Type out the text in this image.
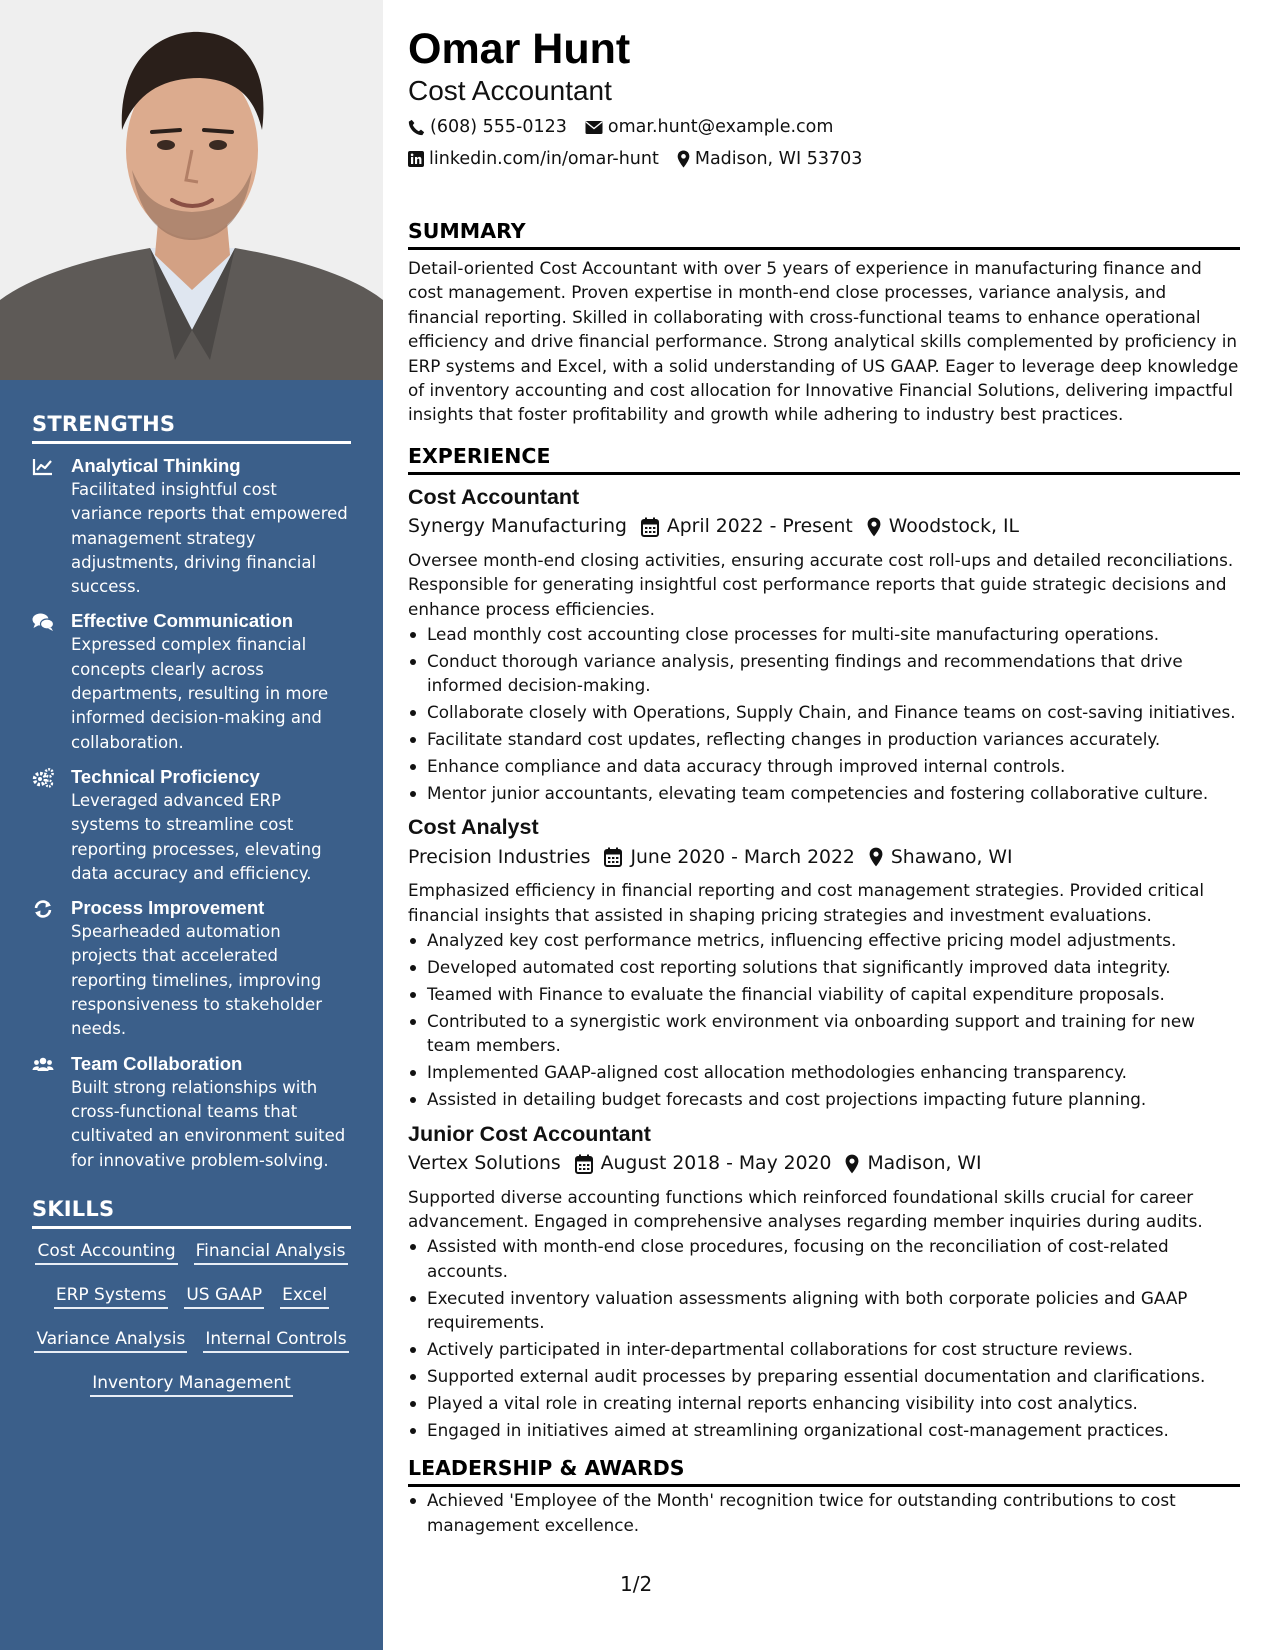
STRENGTHS
Analytical Thinking
Facilitated insightful cost variance reports that empowered management strategy adjustments, driving financial success.
Effective Communication
Expressed complex financial concepts clearly across departments, resulting in more informed decision-making and collaboration.
Technical Proficiency
Leveraged advanced ERP systems to streamline cost reporting processes, elevating data accuracy and efficiency.
Process Improvement
Spearheaded automation projects that accelerated reporting timelines, improving responsiveness to stakeholder needs.
Team Collaboration
Built strong relationships with cross-functional teams that cultivated an environment suited for innovative problem-solving.
SKILLS
Cost Accounting Financial Analysis
ERP Systems US GAAP Excel
Variance Analysis Internal Controls
Inventory Management
Omar Hunt
Cost Accountant
(608) 555-0123 omar.hunt@example.com
linkedin.com/in/omar-hunt Madison, WI 53703
SUMMARY
Detail-oriented Cost Accountant with over 5 years of experience in manufacturing finance and cost management. Proven expertise in month-end close processes, variance analysis, and financial reporting. Skilled in collaborating with cross-functional teams to enhance operational efficiency and drive financial performance. Strong analytical skills complemented by proficiency in ERP systems and Excel, with a solid understanding of US GAAP. Eager to leverage deep knowledge of inventory accounting and cost allocation for Innovative Financial Solutions, delivering impactful insights that foster profitability and growth while adhering to industry best practices.
EXPERIENCE
Cost Accountant
Synergy Manufacturing April 2022 - Present Woodstock, IL
Oversee month-end closing activities, ensuring accurate cost roll-ups and detailed reconciliations. Responsible for generating insightful cost performance reports that guide strategic decisions and enhance process efficiencies.
Lead monthly cost accounting close processes for multi-site manufacturing operations.
Conduct thorough variance analysis, presenting findings and recommendations that drive informed decision-making.
Collaborate closely with Operations, Supply Chain, and Finance teams on cost-saving initiatives.
Facilitate standard cost updates, reflecting changes in production variances accurately.
Enhance compliance and data accuracy through improved internal controls.
Mentor junior accountants, elevating team competencies and fostering collaborative culture.
Cost Analyst
Precision Industries June 2020 - March 2022 Shawano, WI
Emphasized efficiency in financial reporting and cost management strategies. Provided critical financial insights that assisted in shaping pricing strategies and investment evaluations.
Analyzed key cost performance metrics, influencing effective pricing model adjustments.
Developed automated cost reporting solutions that significantly improved data integrity.
Teamed with Finance to evaluate the financial viability of capital expenditure proposals.
Contributed to a synergistic work environment via onboarding support and training for new team members.
Implemented GAAP-aligned cost allocation methodologies enhancing transparency.
Assisted in detailing budget forecasts and cost projections impacting future planning.
Junior Cost Accountant
Vertex Solutions August 2018 - May 2020 Madison, WI
Supported diverse accounting functions which reinforced foundational skills crucial for career advancement. Engaged in comprehensive analyses regarding member inquiries during audits.
Assisted with month-end close procedures, focusing on the reconciliation of cost-related accounts.
Executed inventory valuation assessments aligning with both corporate policies and GAAP requirements.
Actively participated in inter-departmental collaborations for cost structure reviews.
Supported external audit processes by preparing essential documentation and clarifications.
Played a vital role in creating internal reports enhancing visibility into cost analytics.
Engaged in initiatives aimed at streamlining organizational cost-management practices.
LEADERSHIP & AWARDS
Achieved 'Employee of the Month' recognition twice for outstanding contributions to cost management excellence.
1/2
